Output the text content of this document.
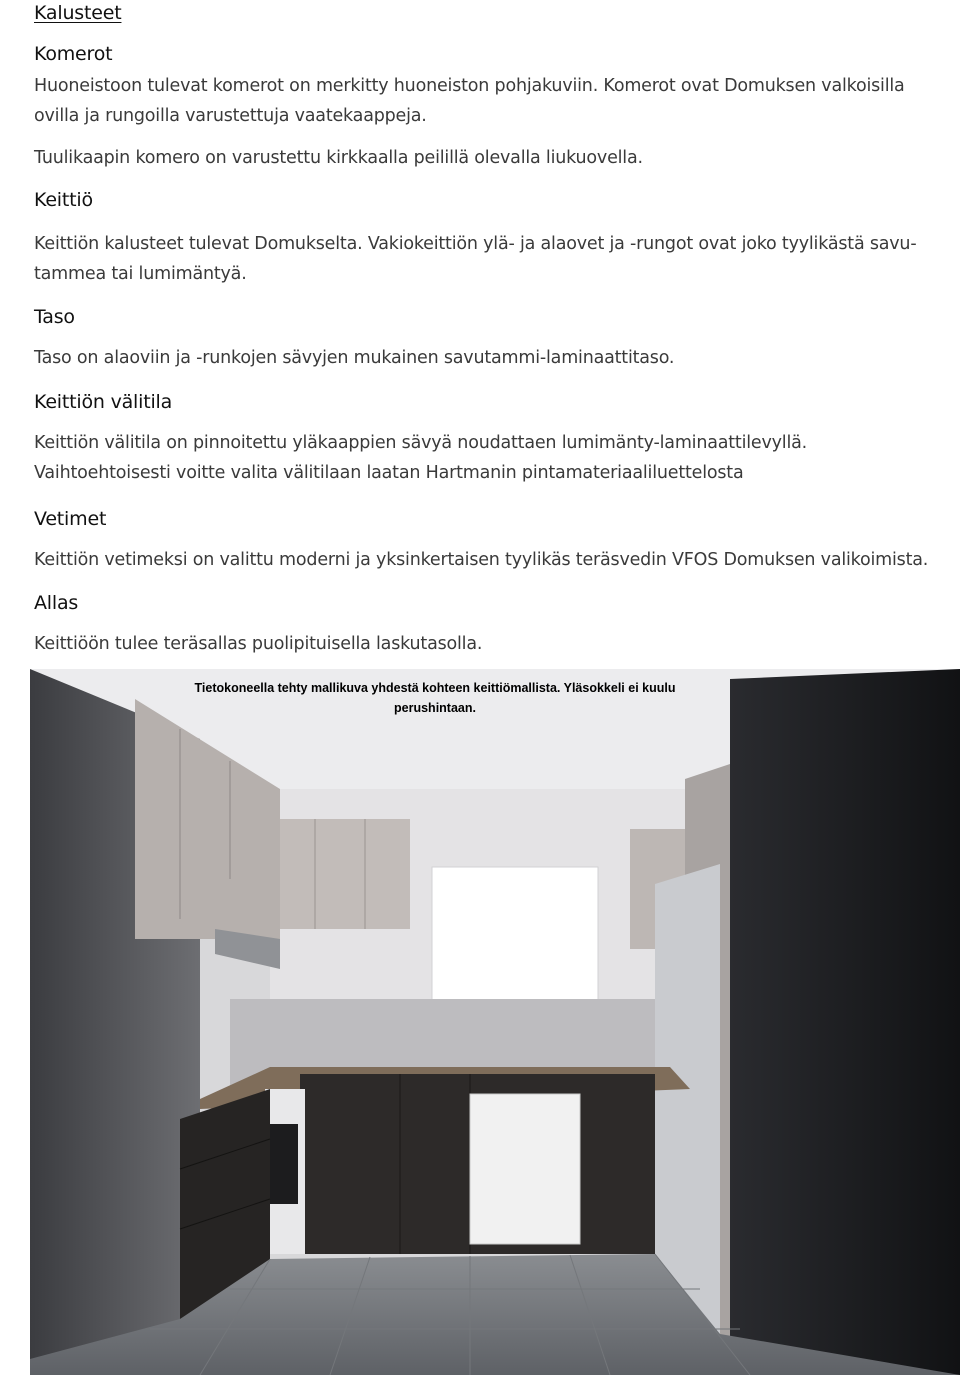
Kalusteet
Komerot
Huoneistoon tulevat komerot on merkitty huoneiston pohjakuviin. Komerot ovat Domuksen valkoisilla
ovilla ja rungoilla varustettuja vaatekaappeja.
Tuulikaapin komero on varustettu kirkkaalla peilillä olevalla liukuovella.
Keittiö
Keittiön kalusteet tulevat Domukselta. Vakiokeittiön ylä- ja alaovet ja -rungot ovat joko tyylikästä savu-
tammea tai lumimäntyä.
Taso
Taso on alaoviin ja -runkojen sävyjen mukainen savutammi-laminaattitaso.
Keittiön välitila
Keittiön välitila on pinnoitettu yläkaappien sävyä noudattaen lumimänty-laminaattilevyllä.
Vaihtoehtoisesti voitte valita välitilaan laatan Hartmanin pintamateriaaliluettelosta
Vetimet
Keittiön vetimeksi on valittu moderni ja yksinkertaisen tyylikäs teräsvedin VFOS Domuksen valikoimista.
Allas
Keittiöön tulee teräsallas puolipituisella laskutasolla.
Tietokoneella tehty mallikuva yhdestä kohteen keittiömallista. Yläsokkeli ei kuulu
perushintaan.
